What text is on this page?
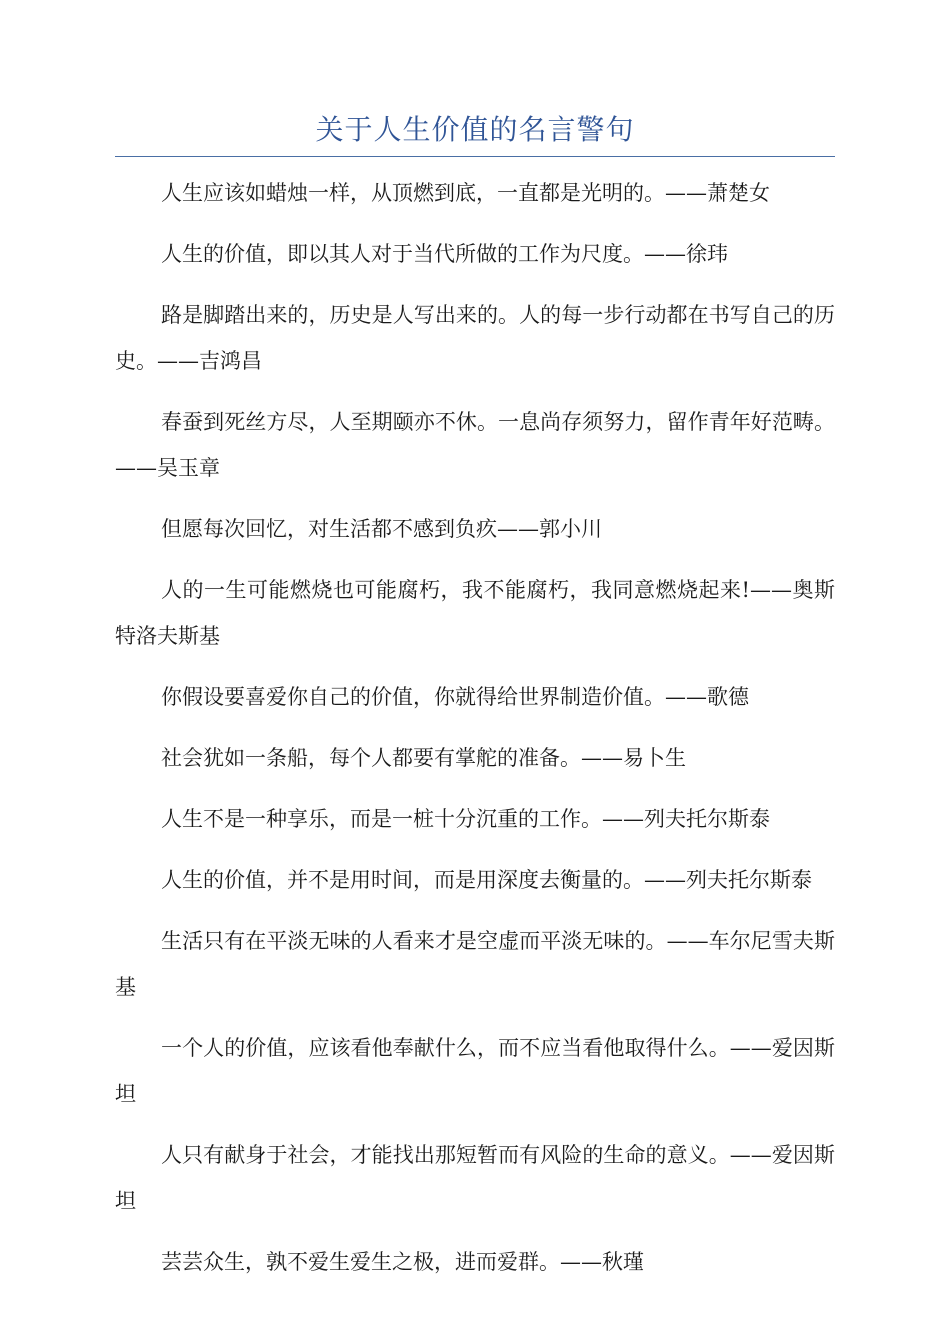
关于人生价值的名言警句

人生应该如蜡烛一样，从顶燃到底，一直都是光明的。——萧楚女

人生的价值，即以其人对于当代所做的工作为尺度。——徐玮

路是脚踏出来的，历史是人写出来的。人的每一步行动都在书写自己的历史。——吉鸿昌

春蚕到死丝方尽，人至期颐亦不休。一息尚存须努力，留作青年好范畴。——吴玉章

但愿每次回忆，对生活都不感到负疚——郭小川

人的一生可能燃烧也可能腐朽，我不能腐朽，我同意燃烧起来!——奥斯特洛夫斯基

你假设要喜爱你自己的价值，你就得给世界制造价值。——歌德

社会犹如一条船，每个人都要有掌舵的准备。——易卜生

人生不是一种享乐，而是一桩十分沉重的工作。——列夫托尔斯泰

人生的价值，并不是用时间，而是用深度去衡量的。——列夫托尔斯泰

生活只有在平淡无味的人看来才是空虚而平淡无味的。——车尔尼雪夫斯基

一个人的价值，应该看他奉献什么，而不应当看他取得什么。——爱因斯坦

人只有献身于社会，才能找出那短暂而有风险的生命的意义。——爱因斯坦

芸芸众生，孰不爱生爱生之极，进而爱群。——秋瑾
